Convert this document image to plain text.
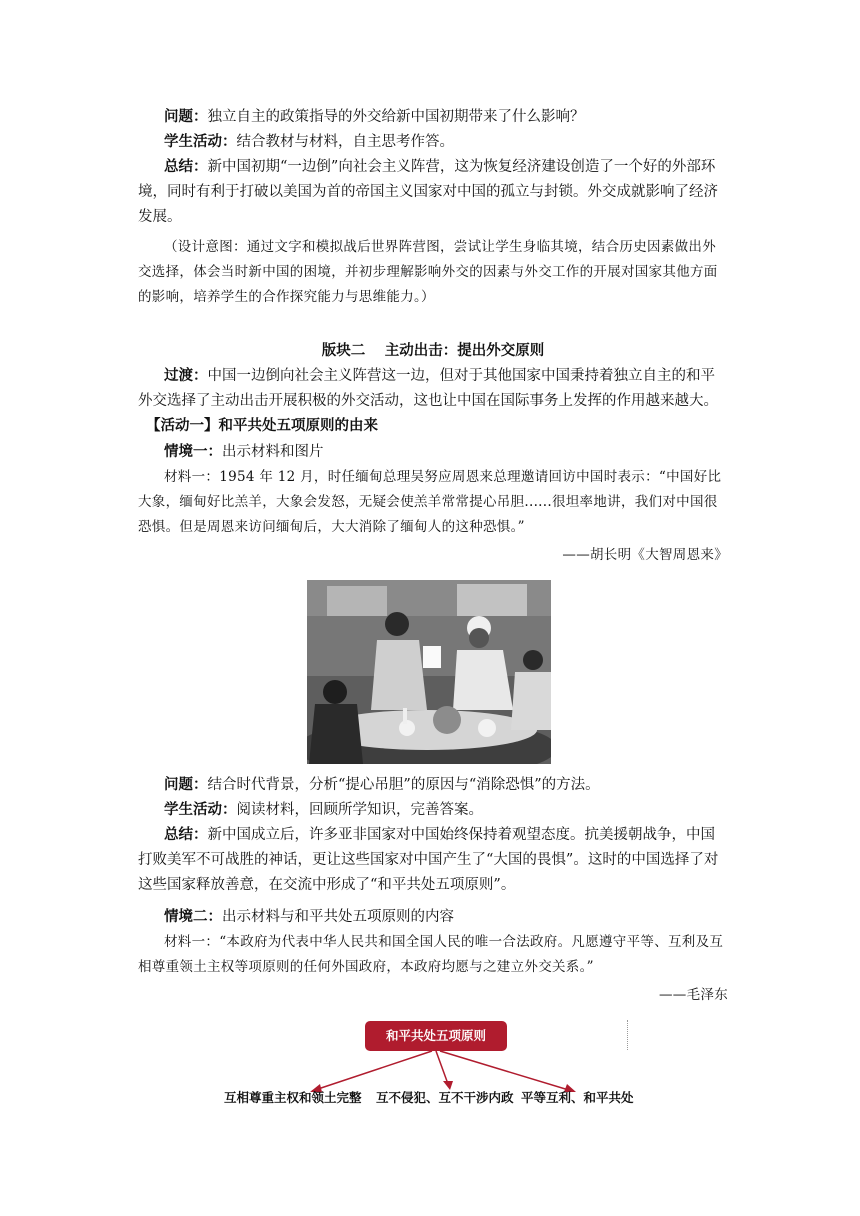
问题：独立自主的政策指导的外交给新中国初期带来了什么影响？

学生活动：结合教材与材料，自主思考作答。

总结：新中国初期“一边倒”向社会主义阵营，这为恢复经济建设创造了一个好的外部环境，同时有利于打破以美国为首的帝国主义国家对中国的孤立与封锁。外交成就影响了经济发展。

（设计意图：通过文字和模拟战后世界阵营图，尝试让学生身临其境，结合历史因素做出外交选择，体会当时新中国的困境，并初步理解影响外交的因素与外交工作的开展对国家其他方面的影响，培养学生的合作探究能力与思维能力。）

版块二　 主动出击：提出外交原则

过渡：中国一边倒向社会主义阵营这一边，但对于其他国家中国秉持着独立自主的和平外交选择了主动出击开展积极的外交活动，这也让中国在国际事务上发挥的作用越来越大。

【活动一】和平共处五项原则的由来

情境一：出示材料和图片

材料一：1954 年 12 月，时任缅甸总理吴努应周恩来总理邀请回访中国时表示：“中国好比大象，缅甸好比羔羊，大象会发怒，无疑会使羔羊常常提心吊胆......很坦率地讲，我们对中国很恐惧。但是周恩来访问缅甸后，大大消除了缅甸人的这种恐惧。”

——胡长明《大智周恩来》

问题：结合时代背景，分析“提心吊胆”的原因与“消除恐惧”的方法。

学生活动：阅读材料，回顾所学知识，完善答案。

总结：新中国成立后，许多亚非国家对中国始终保持着观望态度。抗美援朝战争，中国打败美军不可战胜的神话，更让这些国家对中国产生了“大国的畏惧”。这时的中国选择了对这些国家释放善意，在交流中形成了“和平共处五项原则”。

情境二：出示材料与和平共处五项原则的内容

材料一：“本政府为代表中华人民共和国全国人民的唯一合法政府。凡愿遵守平等、互利及互相尊重领土主权等项原则的任何外国政府，本政府均愿与之建立外交关系。”

——毛泽东
和平共处五项原则
互相尊重主权和领土完整 互不侵犯、互不干涉内政 平等互利、和平共处
